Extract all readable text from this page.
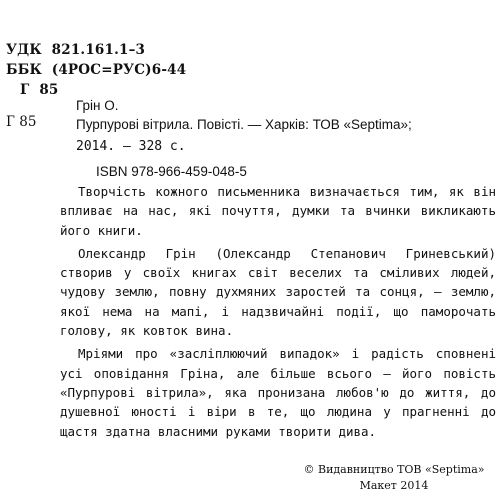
УДК  821.161.1–3
ББК  (4РОС=РУС)6-44
Г  85
Грін О.
Г 85	Пурпурові вітрила. Повісті. — Харків: ТОВ «Septima»;
2014. — 328 с.
ISBN 978-966-459-048-5

Творчість кожного письменника визначається тим, як він впливає на нас, які почуття, думки та вчинки викликають його книги.

Олександр Грін (Олександр Степанович Гриневський) створив у своїх книгах світ веселих та сміливих людей, чудову землю, повну духмяних заростей та сонця, — землю, якої нема на мапі, і надзвичайні події, що паморочать голову, як ковток вина.

Мріями про «засліплюючий випадок» і радість сповнені усі оповідання Гріна, але більше всього — його повість «Пурпурові вітрила», яка пронизана любов'ю до життя, до душевної юності і віри в те, що людина у прагненні до щастя здатна власними руками творити дива.

© Видавництво ТОВ «Septima»
Макет 2014
